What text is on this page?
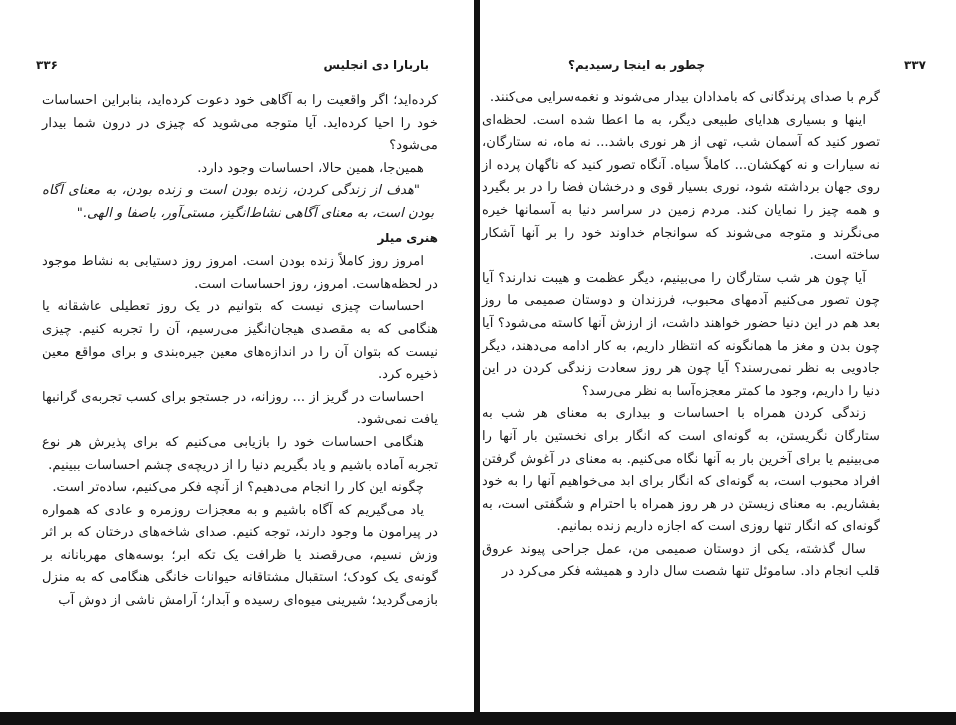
باربارا دی انجلیس
۳۳۶

کرده‌اید؛ اگر واقعیت را به آگاهی خود دعوت کرده‌اید، بنابراین احساسات خود را احیا کرده‌اید. آیا متوجه می‌شوید که چیزی در درون شما بیدار می‌شود؟

همین‌جا، همین حالا، احساسات وجود دارد.

"هدف از زندگی کردن، زنده بودن است و زنده بودن، به معنای آگاه بودن است، به معنای آگاهی نشاط‌انگیز، مستی‌آور، باصفا و الهی."

هنری میلر

امروز روز کاملاً زنده بودن است. امروز روز دستیابی به نشاط موجود در لحظه‌هاست. امروز، روز احساسات است.

احساسات چیزی نیست که بتوانیم در یک روز تعطیلی عاشقانه یا هنگامی که به مقصدی هیجان‌انگیز می‌رسیم، آن را تجربه کنیم. چیزی نیست که بتوان آن را در اندازه‌های معین جیره‌بندی و برای مواقع معین ذخیره کرد.

احساسات در گریز از ... روزانه، در جستجو برای کسب تجربه‌ی گرانبها یافت نمی‌شود.

هنگامی احساسات خود را بازیابی می‌کنیم که برای پذیرش هر نوع تجربه آماده باشیم و یاد بگیریم دنیا را از دریچه‌ی چشم احساسات ببینیم.

چگونه این کار را انجام می‌دهیم؟ از آنچه فکر می‌کنیم، ساده‌تر است.

یاد می‌گیریم که آگاه باشیم و به معجزات روزمره و عادی که همواره در پیرامون ما وجود دارند، توجه کنیم. صدای شاخه‌های درختان که بر اثر وزش نسیم، می‌رقصند یا ظرافت یک تکه ابر؛ بوسه‌های مهربانانه بر گونه‌ی یک کودک؛ استقبال مشتاقانه حیوانات خانگی هنگامی که به منزل بازمی‌گردید؛ شیرینی میوه‌ای رسیده و آبدار؛ آرامش ناشی از دوش آب

چطور به اینجا رسیدیم؟	۳۳۷

گرم با صدای پرندگانی که بامدادان بیدار می‌شوند و نغمه‌سرایی می‌کنند.

اینها و بسیاری هدایای طبیعی دیگر، به ما اعطا شده است. لحظه‌ای تصور کنید که آسمان شب، تهی از هر نوری باشد... نه ماه، نه ستارگان، نه سیارات و نه کهکشان... کاملاً سیاه. آنگاه تصور کنید که ناگهان پرده از روی جهان برداشته شود، نوری بسیار قوی و درخشان فضا را در بر بگیرد و همه چیز را نمایان کند. مردم زمین در سراسر دنیا به آسمانها خیره می‌نگرند و متوجه می‌شوند که سوانجام خداوند خود را بر آنها آشکار ساخته است.

آیا چون هر شب ستارگان را می‌بینیم، دیگر عظمت و هیبت ندارند؟ آیا چون تصور می‌کنیم آدمهای محبوب، فرزندان و دوستان صمیمی ما روز بعد هم در این دنیا حضور خواهند داشت، از ارزش آنها کاسته می‌شود؟ آیا چون بدن و مغز ما همانگونه که انتظار داریم، به کار ادامه می‌دهند، دیگر جادویی به نظر نمی‌رسند؟ آیا چون هر روز سعادت زندگی کردن در این دنیا را داریم، وجود ما کمتر معجزه‌آسا به نظر می‌رسد؟

زندگی کردن همراه با احساسات و بیداری به معنای هر شب به ستارگان نگریستن، به گونه‌ای است که انگار برای نخستین بار آنها را می‌بینیم یا برای آخرین بار به آنها نگاه می‌کنیم. به معنای در آغوش گرفتن افراد محبوب است، به گونه‌ای که انگار برای ابد می‌خواهیم آنها را به خود بفشاریم. به معنای زیستن در هر روز همراه با احترام و شگفتی است، به گونه‌ای که انگار تنها روزی است که اجازه داریم زنده بمانیم.

سال گذشته، یکی از دوستان صمیمی من، عمل جراحی پیوند عروق قلب انجام داد. ساموئل تنها شصت سال دارد و همیشه فکر می‌کرد در
